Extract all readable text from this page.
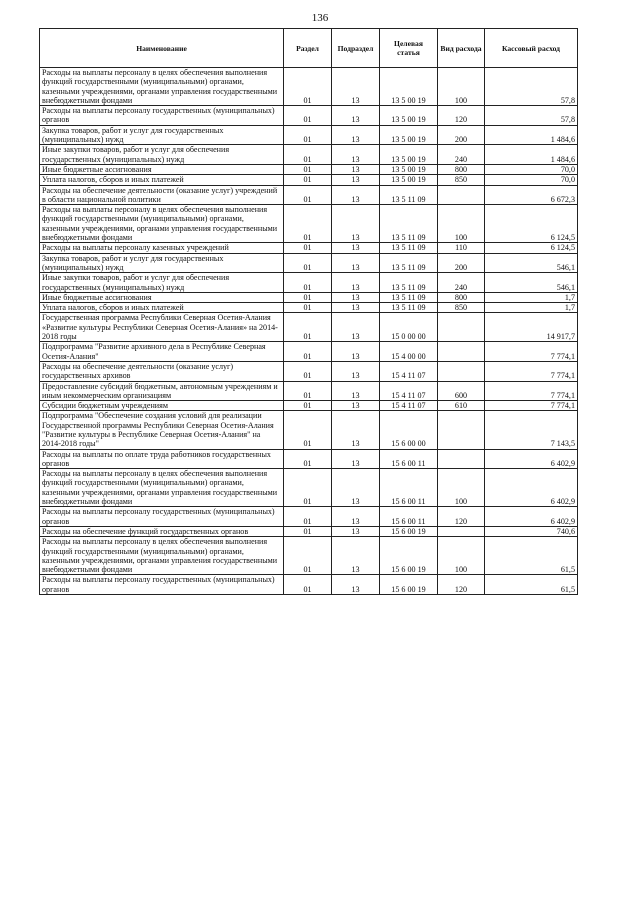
136
Наименование	Раздел	Подраздел	Целевая статья	Вид расхода	Кассовый расход
Расходы на выплаты персоналу в целях обеспечения выполнения функций государственными (муниципальными) органами, казенными учреждениями, органами управления государственными внебюджетными фондами	01	13	13 5 00 19	100	57,8
Расходы на выплаты персоналу государственных (муниципальных) органов	01	13	13 5 00 19	120	57,8
Закупка товаров, работ и услуг для государственных (муниципальных) нужд	01	13	13 5 00 19	200	1 484,6
Иные закупки товаров, работ и услуг для обеспечения государственных (муниципальных) нужд	01	13	13 5 00 19	240	1 484,6
Иные бюджетные ассигнования	01	13	13 5 00 19	800	70,0
Уплата налогов, сборов и иных платежей	01	13	13 5 00 19	850	70,0
Расходы на обеспечение деятельности (оказание услуг) учреждений в области национальной политики	01	13	13 5 11 09		6 672,3
Расходы на выплаты персоналу в целях обеспечения выполнения функций государственными (муниципальными) органами, казенными учреждениями, органами управления государственными внебюджетными фондами	01	13	13 5 11 09	100	6 124,5
Расходы на выплаты персоналу казенных учреждений	01	13	13 5 11 09	110	6 124,5
Закупка товаров, работ и услуг для государственных (муниципальных) нужд	01	13	13 5 11 09	200	546,1
Иные закупки товаров, работ и услуг для обеспечения государственных (муниципальных) нужд	01	13	13 5 11 09	240	546,1
Иные бюджетные ассигнования	01	13	13 5 11 09	800	1,7
Уплата налогов, сборов и иных платежей	01	13	13 5 11 09	850	1,7
Государственная программа Республики Северная Осетия-Алания «Развитие культуры Республики Северная Осетия-Алания» на 2014-2018 годы	01	13	15 0 00 00		14 917,7
Подпрограмма "Развитие архивного дела в Республике Северная Осетия-Алания"	01	13	15 4 00 00		7 774,1
Расходы на обеспечение деятельности (оказание услуг) государственных архивов	01	13	15 4 11 07		7 774,1
Предоставление субсидий бюджетным, автономным учреждениям и иным некоммерческим организациям	01	13	15 4 11 07	600	7 774,1
Субсидии бюджетным учреждениям	01	13	15 4 11 07	610	7 774,1
Подпрограмма "Обеспечение создания условий для реализации Государственной программы Республики Северная Осетия-Алания "Развитие культуры в Республике Северная Осетия-Алания" на 2014-2018 годы"	01	13	15 6 00 00		7 143,5
Расходы на выплаты по оплате труда работников государственных органов	01	13	15 6 00 11		6 402,9
Расходы на выплаты персоналу в целях обеспечения выполнения функций государственными (муниципальными) органами, казенными учреждениями, органами управления государственными внебюджетными фондами	01	13	15 6 00 11	100	6 402,9
Расходы на выплаты персоналу государственных (муниципальных) органов	01	13	15 6 00 11	120	6 402,9
Расходы на обеспечение функций государственных органов	01	13	15 6 00 19		740,6
Расходы на выплаты персоналу в целях обеспечения выполнения функций государственными (муниципальными) органами, казенными учреждениями, органами управления государственными внебюджетными фондами	01	13	15 6 00 19	100	61,5
Расходы на выплаты персоналу государственных (муниципальных) органов	01	13	15 6 00 19	120	61,5
